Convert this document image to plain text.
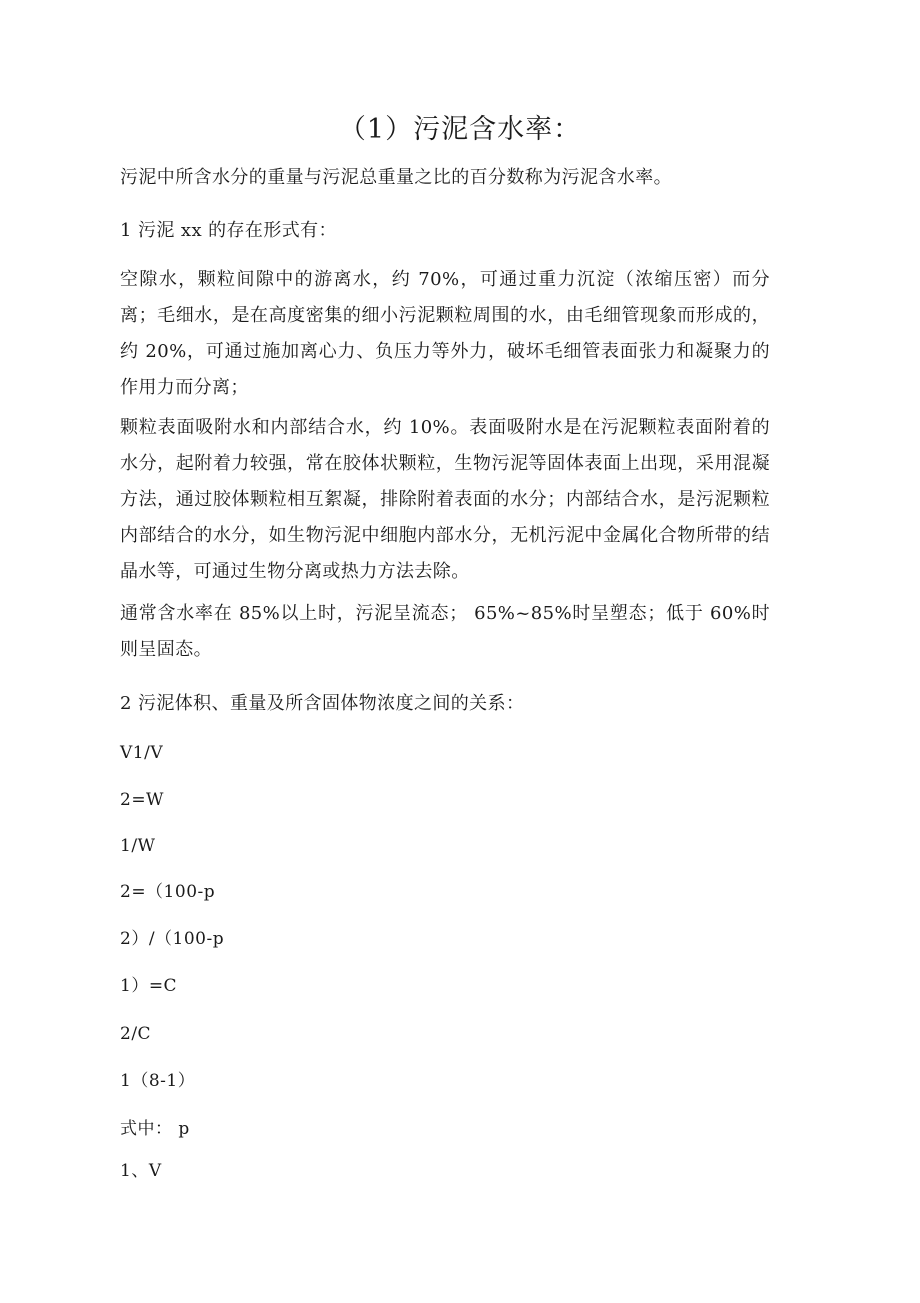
（1）污泥含水率：

污泥中所含水分的重量与污泥总重量之比的百分数称为污泥含水率。

1 污泥 xx 的存在形式有：

空隙水，颗粒间隙中的游离水，约 70%，可通过重力沉淀（浓缩压密）而分离；毛细水，是在高度密集的细小污泥颗粒周围的水，由毛细管现象而形成的，约 20%，可通过施加离心力、负压力等外力，破坏毛细管表面张力和凝聚力的作用力而分离；

颗粒表面吸附水和内部结合水，约 10%。表面吸附水是在污泥颗粒表面附着的水分，起附着力较强，常在胶体状颗粒，生物污泥等固体表面上出现，采用混凝方法，通过胶体颗粒相互絮凝，排除附着表面的水分；内部结合水，是污泥颗粒内部结合的水分，如生物污泥中细胞内部水分，无机污泥中金属化合物所带的结晶水等，可通过生物分离或热力方法去除。

通常含水率在 85%以上时，污泥呈流态； 65%~85%时呈塑态；低于 60%时则呈固态。

2 污泥体积、重量及所含固体物浓度之间的关系：

V1/V

2=W

1/W

2=（100-p

2）/（100-p

1）=C

2/C

1（8-1）

式中： p

1、V
